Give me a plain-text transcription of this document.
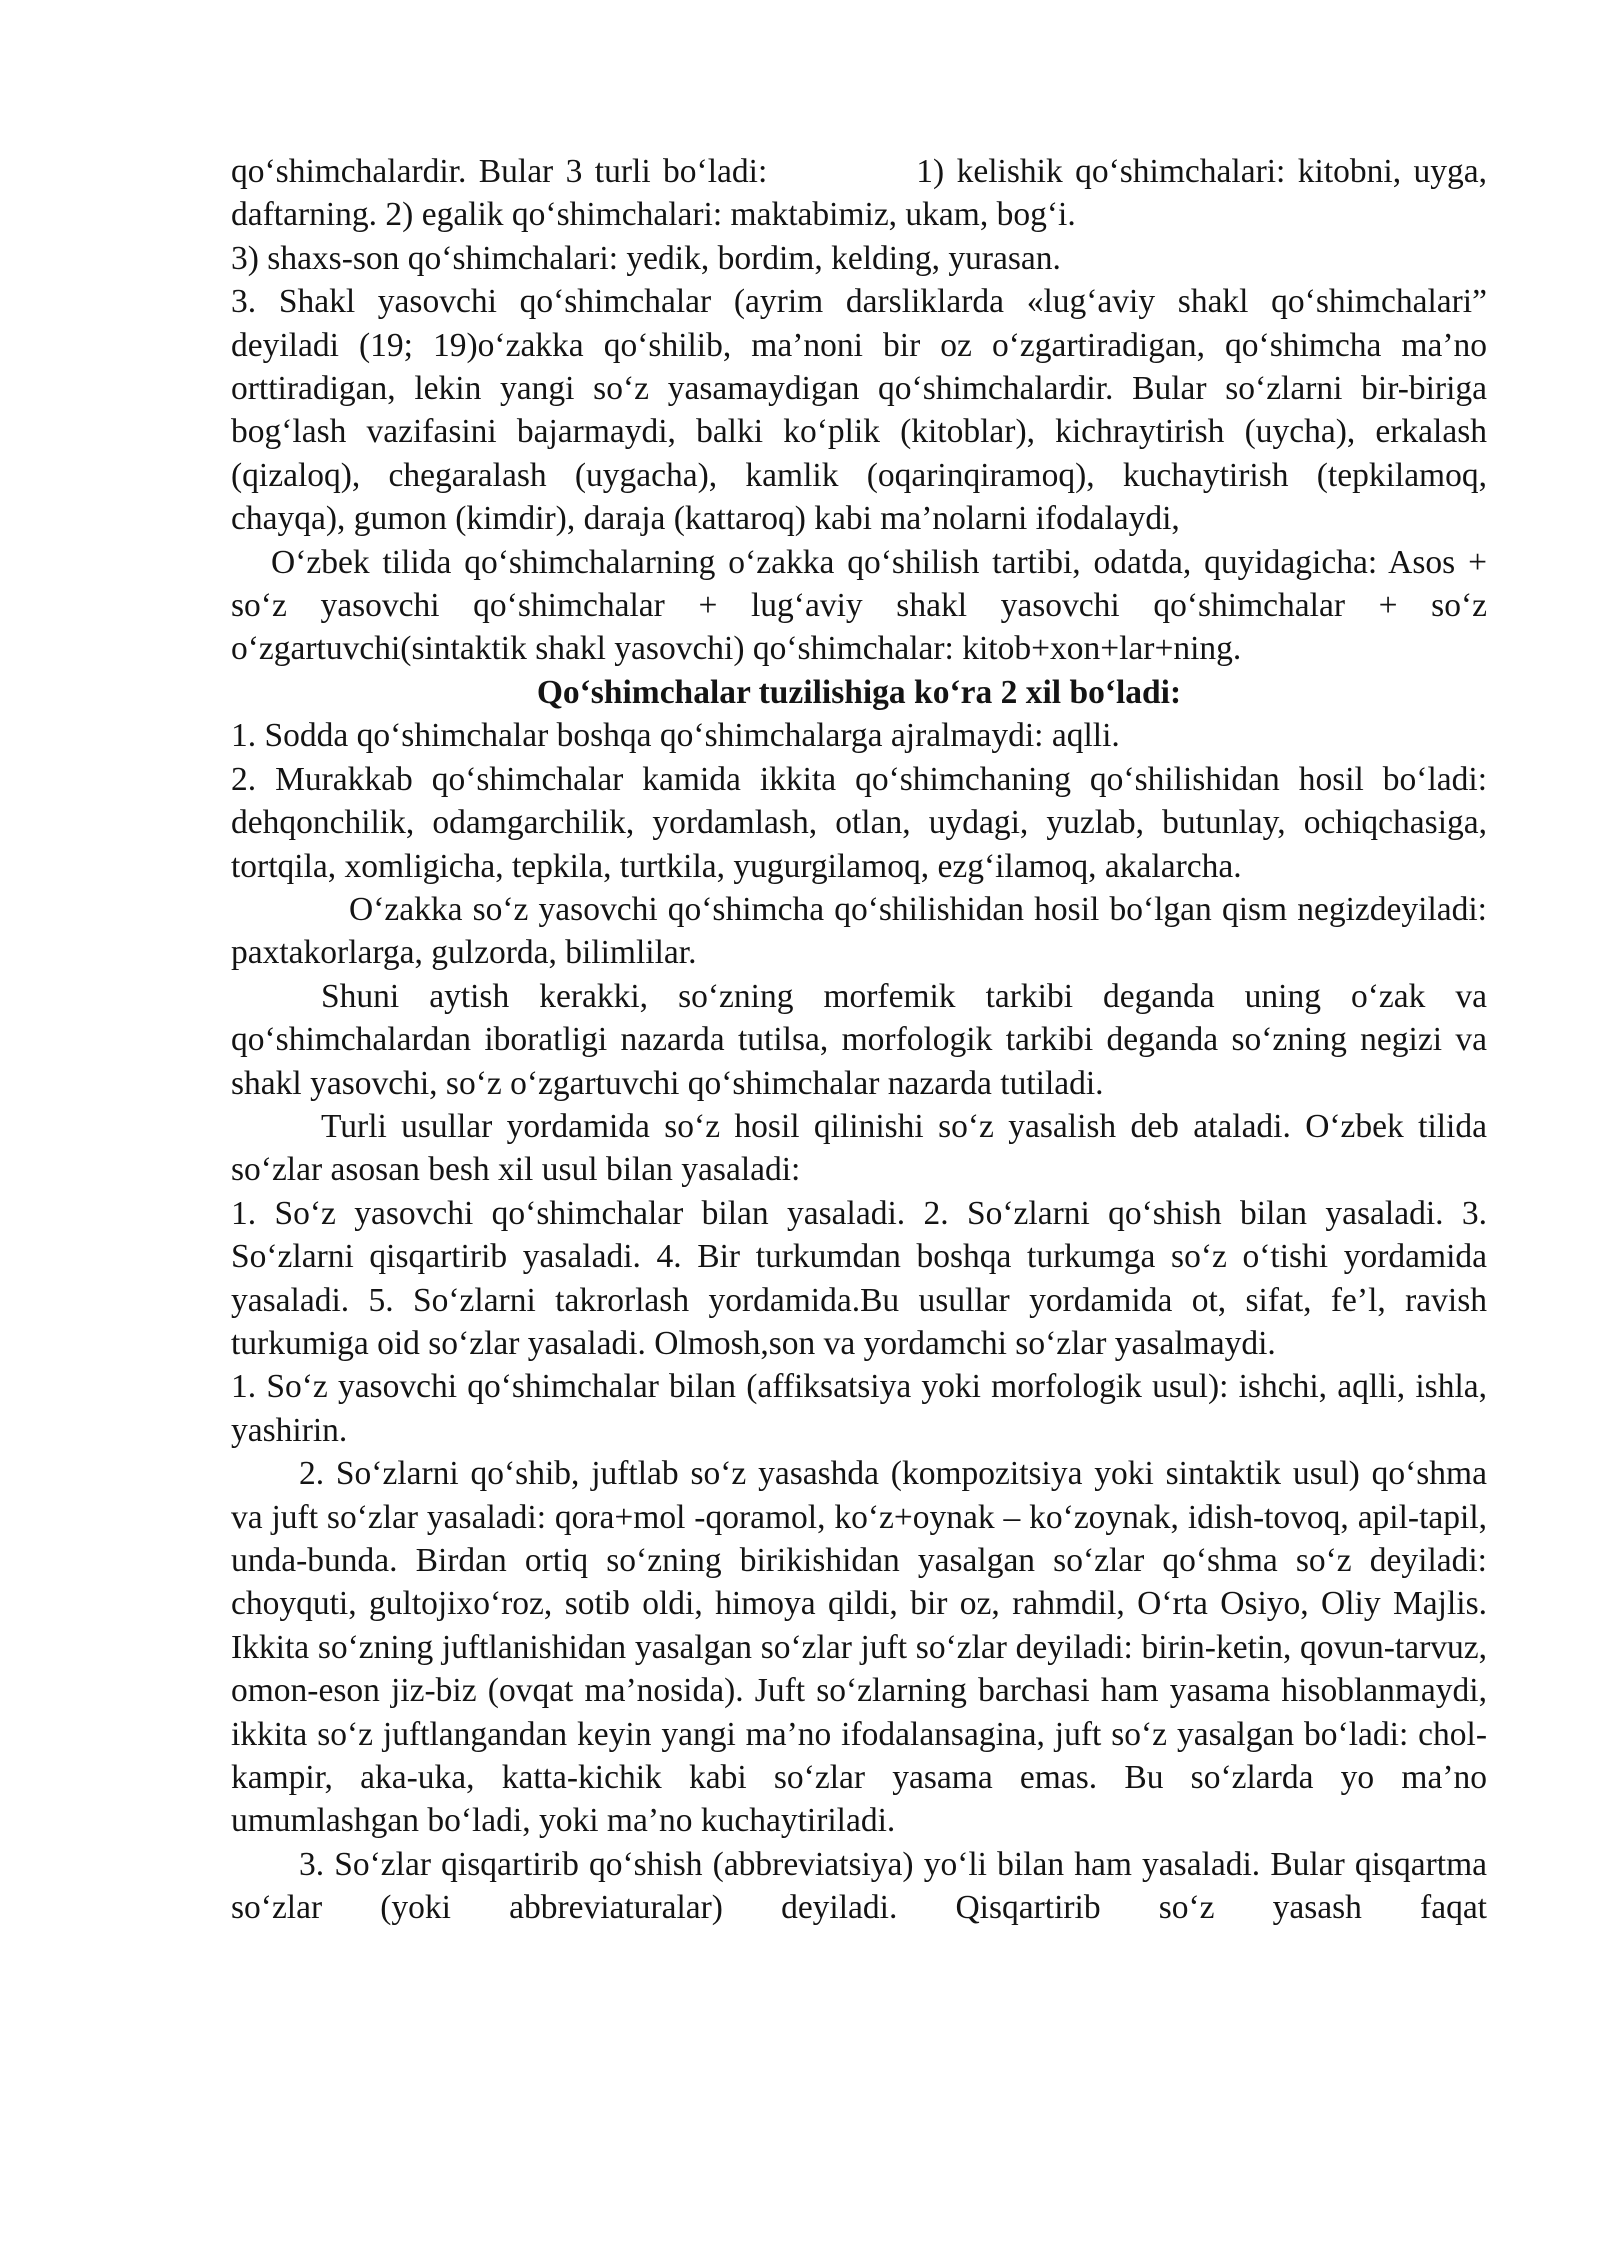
qo‘shimchalardir. Bular 3 turli bo‘ladi:            1) kelishik qo‘shimchalari: kitobni, uyga, daftarning. 2) egalik qo‘shimchalari: maktabimiz, ukam, bog‘i.

3) shaxs-son qo‘shimchalari: yedik, bordim, kelding, yurasan.

3. Shakl yasovchi qo‘shimchalar (ayrim darsliklarda «lug‘aviy shakl qo‘shimchalari” deyiladi (19; 19)o‘zakka qo‘shilib, ma’noni bir oz o‘zgartiradigan, qo‘shimcha ma’no orttiradigan, lekin yangi so‘z yasamaydigan qo‘shimchalardir. Bular so‘zlarni bir-biriga bog‘lash vazifasini bajarmaydi, balki ko‘plik (kitoblar), kichraytirish (uycha), erkalash (qizaloq), chegaralash (uygacha), kamlik (oqarinqiramoq), kuchaytirish (tepkilamoq, chayqa), gumon (kimdir), daraja (kattaroq) kabi ma’nolarni ifodalaydi,

O‘zbek tilida qo‘shimchalarning o‘zakka qo‘shilish tartibi, odatda, quyidagicha: Asos + so‘z yasovchi qo‘shimchalar + lug‘aviy shakl yasovchi qo‘shimchalar + so‘z o‘zgartuvchi(sintaktik shakl yasovchi) qo‘shimchalar: kitob+xon+lar+ning.

Qo‘shimchalar tuzilishiga ko‘ra 2 xil bo‘ladi:

1. Sodda qo‘shimchalar boshqa qo‘shimchalarga ajralmaydi: aqlli.

2. Murakkab qo‘shimchalar kamida ikkita qo‘shimchaning qo‘shilishidan hosil bo‘ladi: dehqonchilik, odamgarchilik, yordamlash, otlan, uydagi, yuzlab, butunlay, ochiqchasiga, tortqila, xomligicha, tepkila, turtkila, yugurgilamoq, ezg‘ilamoq, akalarcha.

O‘zakka so‘z yasovchi qo‘shimcha qo‘shilishidan hosil bo‘lgan qism negizdeyiladi: paxtakorlarga, gulzorda, bilimlilar.

Shuni aytish kerakki, so‘zning morfemik tarkibi deganda uning o‘zak va qo‘shimchalardan iboratligi nazarda tutilsa, morfologik tarkibi deganda so‘zning negizi va shakl yasovchi, so‘z o‘zgartuvchi qo‘shimchalar nazarda tutiladi.

Turli usullar yordamida so‘z hosil qilinishi so‘z yasalish deb ataladi. O‘zbek tilida so‘zlar asosan besh xil usul bilan yasaladi:

1. So‘z yasovchi qo‘shimchalar bilan yasaladi. 2. So‘zlarni qo‘shish bilan yasaladi. 3. So‘zlarni qisqartirib yasaladi. 4. Bir turkumdan boshqa turkumga so‘z o‘tishi yordamida yasaladi. 5. So‘zlarni takrorlash yordamida.Bu usullar yordamida ot, sifat, fe’l, ravish turkumiga oid so‘zlar yasaladi. Olmosh,son va yordamchi so‘zlar yasalmaydi.

1. So‘z yasovchi qo‘shimchalar bilan (affiksatsiya yoki morfologik usul): ishchi, aqlli, ishla, yashirin.

2. So‘zlarni qo‘shib, juftlab so‘z yasashda (kompozitsiya yoki sintaktik usul) qo‘shma va juft so‘zlar yasaladi: qora+mol -qoramol, ko‘z+oynak – ko‘zoynak, idish-tovoq, apil-tapil, unda-bunda. Birdan ortiq so‘zning birikishidan yasalgan so‘zlar qo‘shma so‘z deyiladi: choyquti, gultojixo‘roz, sotib oldi, himoya qildi, bir oz, rahmdil, O‘rta Osiyo, Oliy Majlis. Ikkita so‘zning juftlanishidan yasalgan so‘zlar juft so‘zlar deyiladi: birin-ketin, qovun-tarvuz, omon-eson jiz-biz (ovqat ma’nosida). Juft so‘zlarning barchasi ham yasama hisoblanmaydi, ikkita so‘z juftlangandan keyin yangi ma’no ifodalansagina, juft so‘z yasalgan bo‘ladi: chol-kampir, aka-uka, katta-kichik kabi so‘zlar yasama emas. Bu so‘zlarda yo ma’no umumlashgan bo‘ladi, yoki ma’no kuchaytiriladi.

3. So‘zlar qisqartirib qo‘shish (abbreviatsiya) yo‘li bilan ham yasaladi. Bular qisqartma so‘zlar (yoki abbreviaturalar) deyiladi. Qisqartirib so‘z yasash faqat
